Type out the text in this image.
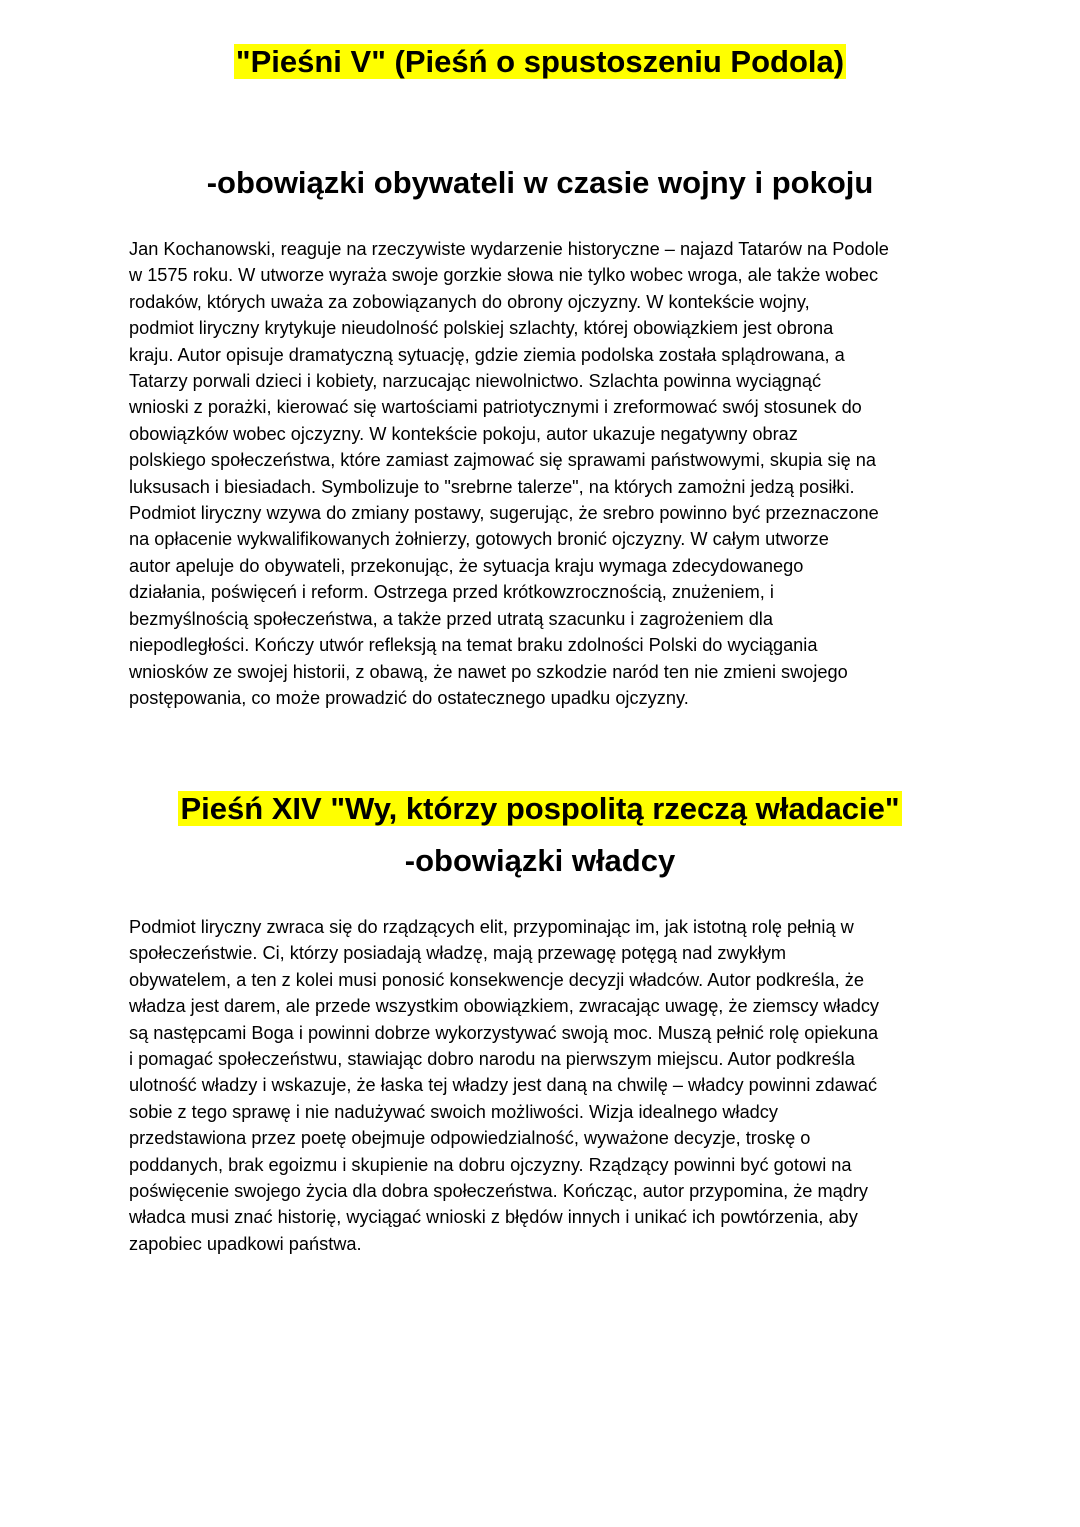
"Pieśni V" (Pieśń o spustoszeniu Podola)
-obowiązki obywateli w czasie wojny i pokoju
Jan Kochanowski, reaguje na rzeczywiste wydarzenie historyczne – najazd Tatarów na Podole
w 1575 roku. W utworze wyraża swoje gorzkie słowa nie tylko wobec wroga, ale także wobec
rodaków, których uważa za zobowiązanych do obrony ojczyzny. W kontekście wojny,
podmiot liryczny krytykuje nieudolność polskiej szlachty, której obowiązkiem jest obrona
kraju. Autor opisuje dramatyczną sytuację, gdzie ziemia podolska została splądrowana, a
Tatarzy porwali dzieci i kobiety, narzucając niewolnictwo. Szlachta powinna wyciągnąć
wnioski z porażki, kierować się wartościami patriotycznymi i zreformować swój stosunek do
obowiązków wobec ojczyzny. W kontekście pokoju, autor ukazuje negatywny obraz
polskiego społeczeństwa, które zamiast zajmować się sprawami państwowymi, skupia się na
luksusach i biesiadach. Symbolizuje to "srebrne talerze", na których zamożni jedzą posiłki.
Podmiot liryczny wzywa do zmiany postawy, sugerując, że srebro powinno być przeznaczone
na opłacenie wykwalifikowanych żołnierzy, gotowych bronić ojczyzny. W całym utworze
autor apeluje do obywateli, przekonując, że sytuacja kraju wymaga zdecydowanego
działania, poświęceń i reform. Ostrzega przed krótkowzrocznością, znużeniem, i
bezmyślnością społeczeństwa, a także przed utratą szacunku i zagrożeniem dla
niepodległości. Kończy utwór refleksją na temat braku zdolności Polski do wyciągania
wniosków ze swojej historii, z obawą, że nawet po szkodzie naród ten nie zmieni swojego
postępowania, co może prowadzić do ostatecznego upadku ojczyzny.
Pieśń XIV "Wy, którzy pospolitą rzeczą władacie"
-obowiązki władcy
Podmiot liryczny zwraca się do rządzących elit, przypominając im, jak istotną rolę pełnią w
społeczeństwie. Ci, którzy posiadają władzę, mają przewagę potęgą nad zwykłym
obywatelem, a ten z kolei musi ponosić konsekwencje decyzji władców. Autor podkreśla, że
władza jest darem, ale przede wszystkim obowiązkiem, zwracając uwagę, że ziemscy władcy
są następcami Boga i powinni dobrze wykorzystywać swoją moc. Muszą pełnić rolę opiekuna
i pomagać społeczeństwu, stawiając dobro narodu na pierwszym miejscu. Autor podkreśla
ulotność władzy i wskazuje, że łaska tej władzy jest daną na chwilę – władcy powinni zdawać
sobie z tego sprawę i nie nadużywać swoich możliwości. Wizja idealnego władcy
przedstawiona przez poetę obejmuje odpowiedzialność, wyważone decyzje, troskę o
poddanych, brak egoizmu i skupienie na dobru ojczyzny. Rządzący powinni być gotowi na
poświęcenie swojego życia dla dobra społeczeństwa. Kończąc, autor przypomina, że mądry
władca musi znać historię, wyciągać wnioski z błędów innych i unikać ich powtórzenia, aby
zapobiec upadkowi państwa.
